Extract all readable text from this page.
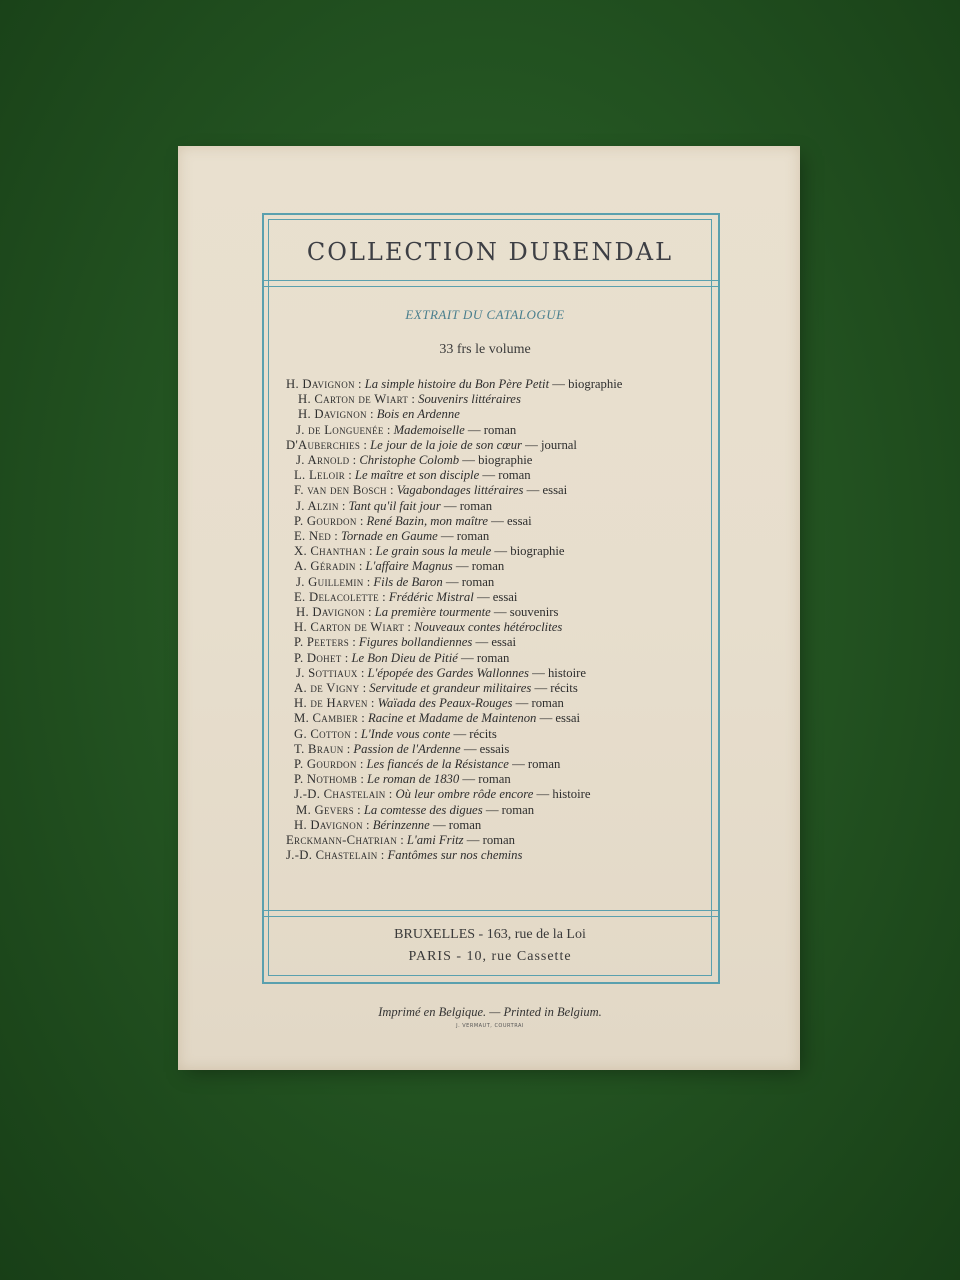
COLLECTION DURENDAL
EXTRAIT DU CATALOGUE
33 frs le volume
H. Davignon : La simple histoire du Bon Père Petit — biographie
H. Carton de Wiart : Souvenirs littéraires
H. Davignon : Bois en Ardenne
J. de Longuenée : Mademoiselle — roman
D'Auberchies : Le jour de la joie de son cœur — journal
J. Arnold : Christophe Colomb — biographie
L. Leloir : Le maître et son disciple — roman
F. van den Bosch : Vagabondages littéraires — essai
J. Alzin : Tant qu'il fait jour — roman
P. Gourdon : René Bazin, mon maître — essai
E. Ned : Tornade en Gaume — roman
X. Chanthan : Le grain sous la meule — biographie
A. Géradin : L'affaire Magnus — roman
J. Guillemin : Fils de Baron — roman
E. Delacolette : Frédéric Mistral — essai
H. Davignon : La première tourmente — souvenirs
H. Carton de Wiart : Nouveaux contes hétéroclites
P. Peeters : Figures bollandiennes — essai
P. Dohet : Le Bon Dieu de Pitié — roman
J. Sottiaux : L'épopée des Gardes Wallonnes — histoire
A. de Vigny : Servitude et grandeur militaires — récits
H. de Harven : Waïada des Peaux-Rouges — roman
M. Cambier : Racine et Madame de Maintenon — essai
G. Cotton : L'Inde vous conte — récits
T. Braun : Passion de l'Ardenne — essais
P. Gourdon : Les fiancés de la Résistance — roman
P. Nothomb : Le roman de 1830 — roman
J.-D. Chastelain : Où leur ombre rôde encore — histoire
M. Gevers : La comtesse des digues — roman
H. Davignon : Bérinzenne — roman
Erckmann-Chatrian : L'ami Fritz — roman
J.-D. Chastelain : Fantômes sur nos chemins
BRUXELLES - 163, rue de la Loi
PARIS - 10, rue Cassette
Imprimé en Belgique. — Printed in Belgium.
J. VERMAUT, COURTRAI
